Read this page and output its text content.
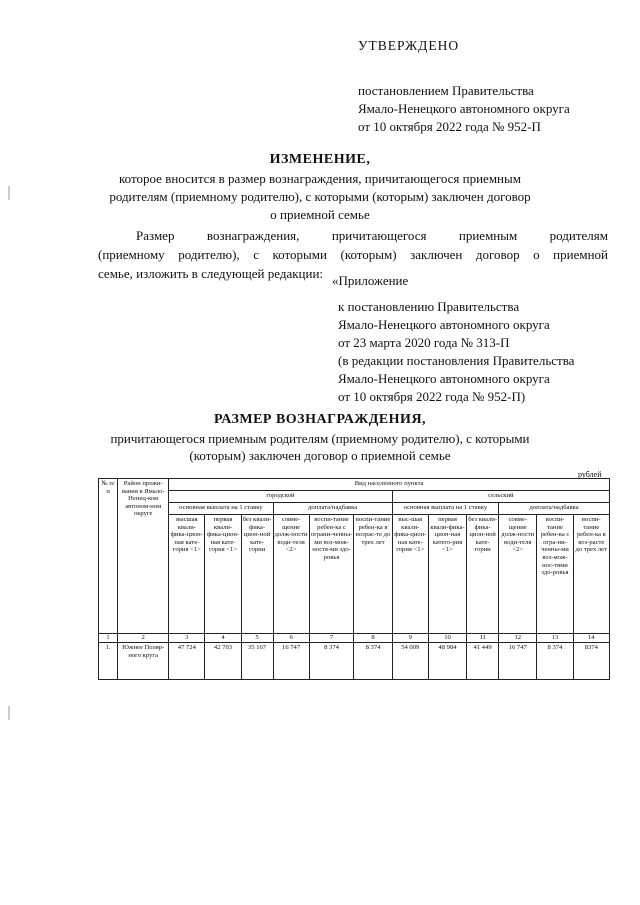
УТВЕРЖДЕНО
постановлением Правительства
Ямало-Ненецкого автономного округа
от 10 октября 2022 года № 952-П
ИЗМЕНЕНИЕ,
которое вносится в размер вознаграждения, причитающегося приемным
родителям (приемному родителю), с которыми (которым) заключен договор
о приемной семье
Размер вознаграждения, причитающегося приемным родителям
(приемному родителю), с которыми (которым) заключен договор о приемной
семье, изложить в следующей редакции: «Приложение
к постановлению Правительства
Ямало-Ненецкого автономного округа
от 23 марта 2020 года № 313-П
(в редакции постановления Правительства
Ямало-Ненецкого автономного округа
от 10 октября 2022 года № 952-П)
РАЗМЕР ВОЗНАГРАЖДЕНИЯ,
причитающегося приемным родителям (приемному родителю), с которыми
(которым) заключен договор о приемной семье
рублей
№ п/п	Район прожи-вания в Ямало-Ненец-ком автоном-ном округе	Вид населенного пункта											
		городской						сельский					
		основная выплата на 1 ставку			доплата/надбавка			основная выплата на 1 ставку			доплата/надбавка		
		высшая квали-фика-цион-ная кате-гория <1>	первая квали-фика-цион-ная кате-гория <1>	без квали-фика-цион-ной кате-гории	совме-щение долж-ности води-теля <2>	воспи-тание ребен-ка с ограни-ченны-ми воз-мож-ностя-ми здо-ровья	воспи-тание ребен-ка в возрас-те до трех лет	выс-шая квали-фика-цион-ная кате-гория <1>	первая квали-фика-цион-ная катего-рия <1>	без квали-фика-цион-ной кате-гории	совме-щение долж-ности води-теля <2>	воспи-тание ребен-ка с огра-ни-ченны-ми воз-мож-нос-тями здо-ровья	воспи-тание ребен-ка в воз-расте до трех лет
1	2	3	4	5	6	7	8	9	10	11	12	13	14
1.	Южнее Поляр-ного круга	47 724	42 703	35 167	16 747	8 374	8 374	54 009	48 984	41 449	16 747	8 374	8374
